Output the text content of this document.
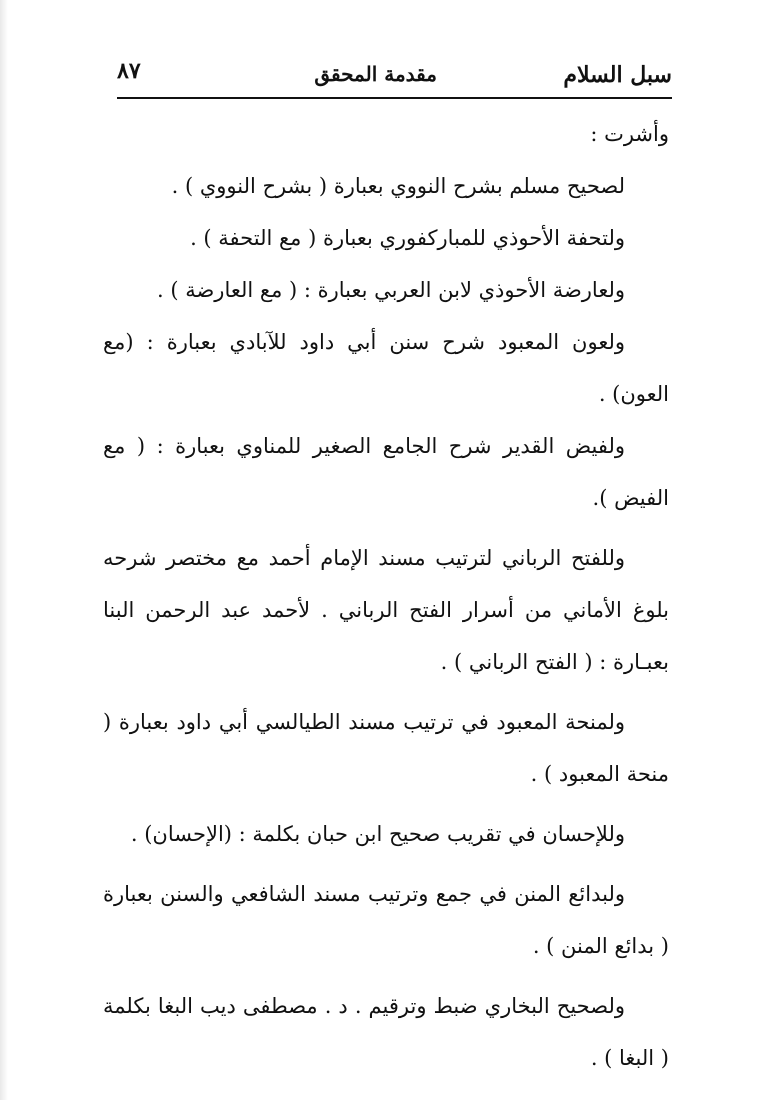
سبل السلام
مقدمة المحقق
٨٧

وأشرت :

لصحيح مسلم بشرح النووي بعبارة ( بشرح النووي ) .

ولتحفة الأحوذي للمباركفوري بعبارة ( مع التحفة ) .

ولعارضة الأحوذي لابن العربي بعبارة : ( مع العارضة ) .

ولعون المعبود شرح سنن أبي داود للآبادي بعبارة : (مع العون) .

ولفيض القدير شرح الجامع الصغير للمناوي بعبارة : ( مع الفيض ).

وللفتح الرباني لترتيب مسند الإمام أحمد مع مختصر شرحه بلوغ الأماني من أسرار الفتح الرباني . لأحمد عبد الرحمن البنا بعبـارة : ( الفتح الرباني ) .

ولمنحة المعبود في ترتيب مسند الطيالسي أبي داود بعبارة ( منحة المعبود ) .

وللإحسان في تقريب صحيح ابن حبان بكلمة : (الإحسان) .

ولبدائع المنن في جمع وترتيب مسند الشافعي والسنن بعبارة ( بدائع المنن ) .

ولصحيح البخاري ضبط وترقيم . د . مصطفى ديب البغا بكلمة ( البغا ) .
